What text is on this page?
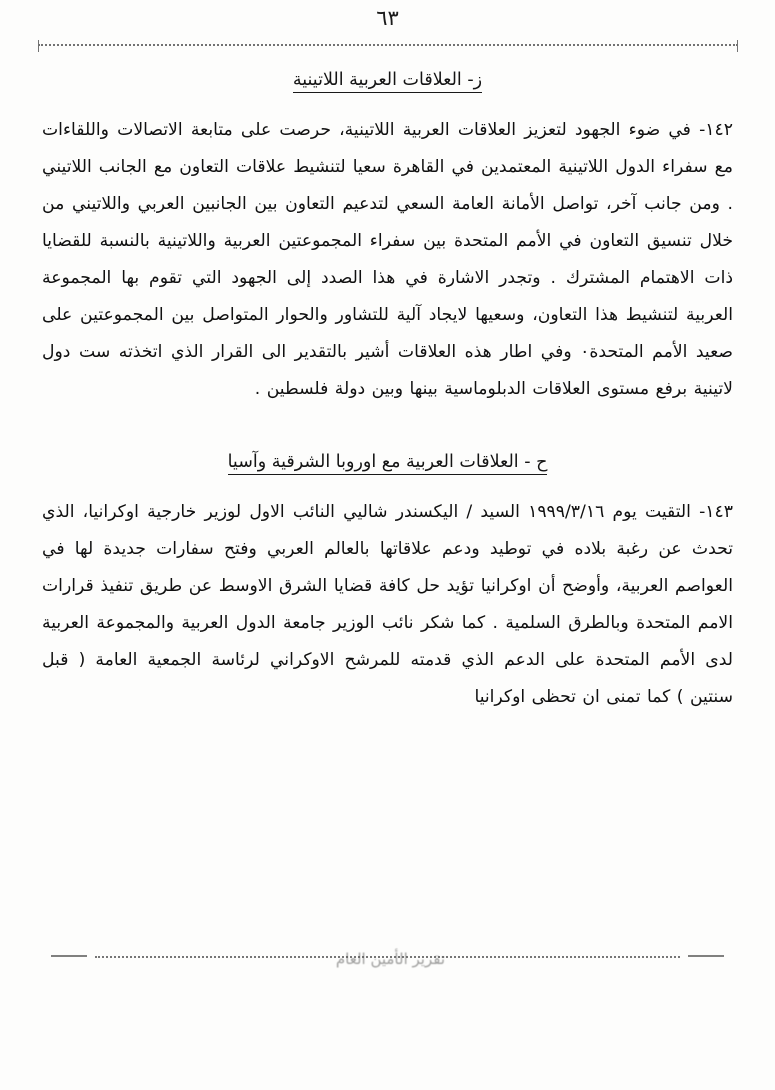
٦٣
ز- العلاقات العربية اللاتينية

١٤٢- في ضوء الجهود لتعزيز العلاقات العربية اللاتينية، حرصت على متابعة الاتصالات واللقاءات مع سفراء الدول اللاتينية المعتمدين في القاهرة سعيا لتنشيط علاقات التعاون مع الجانب اللاتيني . ومن جانب آخر، تواصل الأمانة العامة السعي لتدعيم التعاون بين الجانبين العربي واللاتيني من خلال تنسيق التعاون في الأمم المتحدة بين سفراء المجموعتين العربية واللاتينية بالنسبة للقضايا ذات الاهتمام المشترك . وتجدر الاشارة في هذا الصدد إلى الجهود التي تقوم بها المجموعة العربية لتنشيط هذا التعاون، وسعيها لايجاد آلية للتشاور والحوار المتواصل بين المجموعتين على صعيد الأمم المتحدة٠ وفي اطار هذه العلاقات أشير بالتقدير الى القرار الذي اتخذته ست دول لاتينية برفع مستوى العلاقات الدبلوماسية بينها وبين دولة فلسطين .

ح - العلاقات العربية مع اوروبا الشرقية وآسيا

١٤٣- التقيت يوم ١٩٩٩/٣/١٦ السيد / اليكسندر شاليي النائب الاول لوزير خارجية اوكرانيا، الذي تحدث عن رغبة بلاده في توطيد ودعم علاقاتها بالعالم العربي وفتح سفارات جديدة لها في العواصم العربية، وأوضح أن اوكرانيا تؤيد حل كافة قضايا الشرق الاوسط عن طريق تنفيذ قرارات الامم المتحدة وبالطرق السلمية . كما شكر نائب الوزير جامعة الدول العربية والمجموعة العربية لدى الأمم المتحدة على الدعم الذي قدمته للمرشح الاوكراني لرئاسة الجمعية العامة ( قبل سنتين ) كما تمنى ان تحظى اوكرانيا

تقرير الأمين العام
